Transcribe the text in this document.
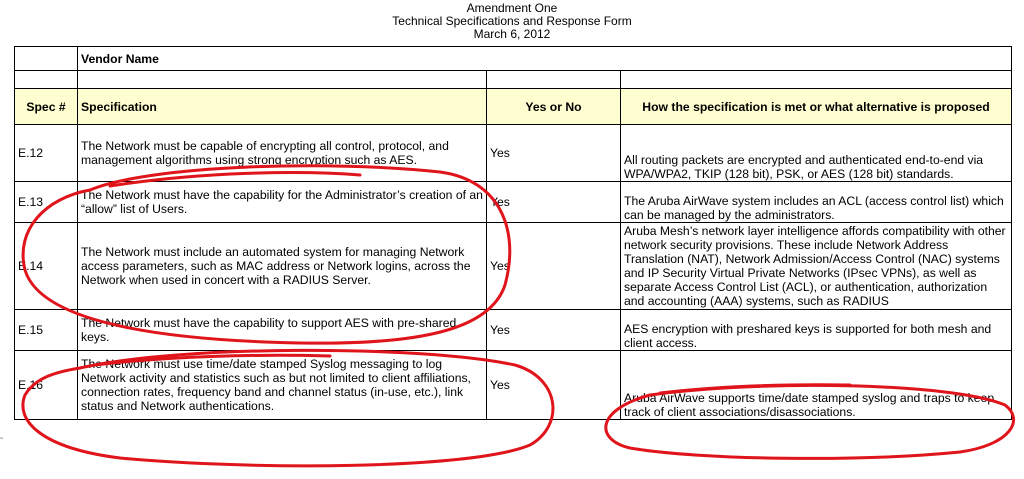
Amendment One
Technical Specifications and Response Form
March 6, 2012
	Vendor Name		

Spec #	Specification	Yes or No	How the specification is met or what alternative is proposed
E.12	The Network must be capable of encrypting all control, protocol, and management algorithms using strong encryption such as AES.	Yes	All routing packets are encrypted and authenticated end-to-end via WPA/WPA2, TKIP (128 bit), PSK, or AES (128 bit) standards.
E.13	The Network must have the capability for the Administrator’s creation of an “allow” list of Users.	Yes	The Aruba AirWave system includes an ACL (access control list) which can be managed by the administrators.
E.14	The Network must include an automated system for managing Network access parameters, such as MAC address or Network logins, across the Network when used in concert with a RADIUS Server.	Yes	Aruba Mesh’s network layer intelligence affords compatibility with other network security provisions. These include Network Address Translation (NAT), Network Admission/Access Control (NAC) systems and IP Security Virtual Private Networks (IPsec VPNs), as well as separate Access Control List (ACL), or authentication, authorization and accounting (AAA) systems, such as RADIUS
E.15	The Network must have the capability to support AES with pre-shared keys.	Yes	AES encryption with preshared keys is supported for both mesh and client access.
E.16	The Network must use time/date stamped Syslog messaging to log Network activity and statistics such as but not limited to client affiliations, connection rates, frequency band and channel status (in-use, etc.), link status and Network authentications.	Yes	Aruba AirWave supports time/date stamped syslog and traps to keep track of client associations/disassociations.
-
